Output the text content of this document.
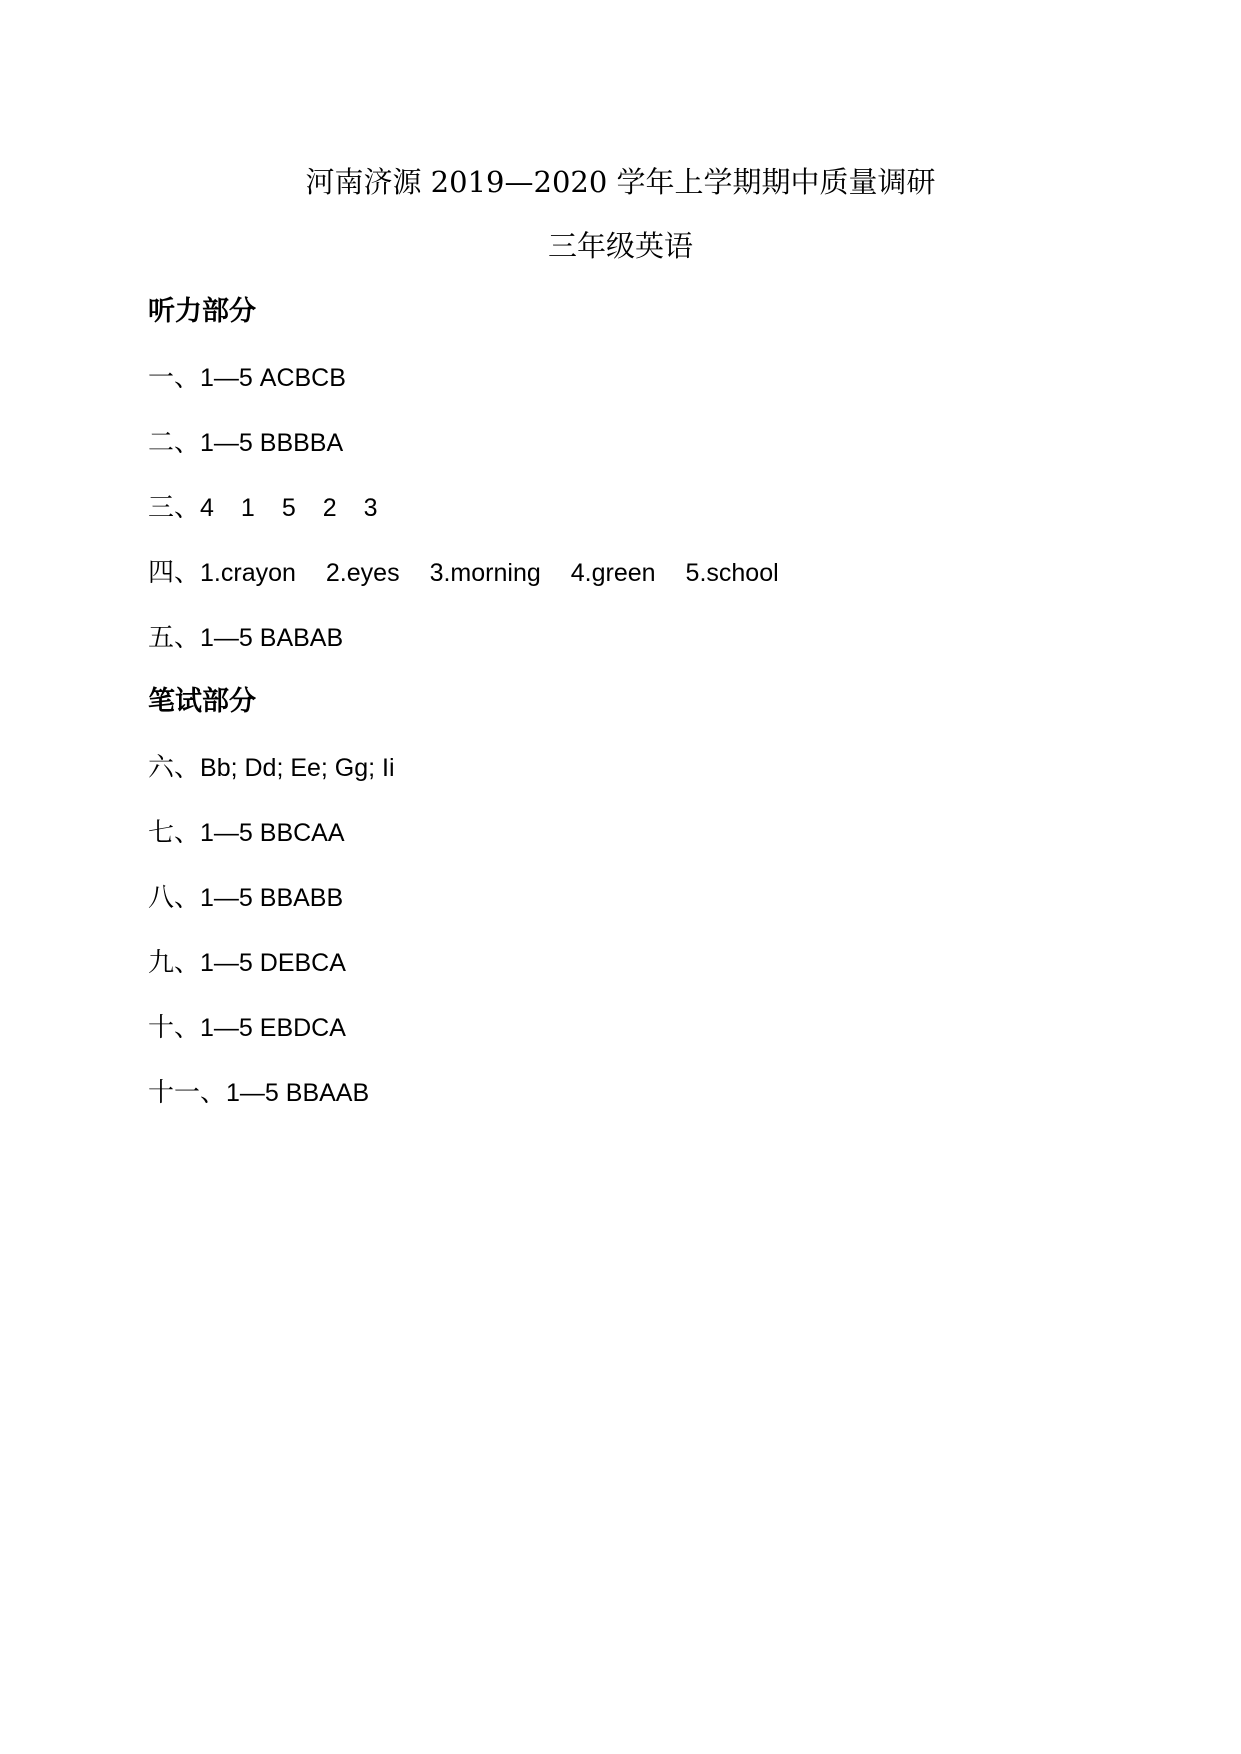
河南济源 2019—2020 学年上学期期中质量调研
三年级英语
听力部分
一、1—5 ACBCB
二、1—5 BBBBA
三、4 1 5 2 3
四、1.crayon 2.eyes 3.morning 4.green 5.school
五、1—5 BABAB
笔试部分
六、Bb; Dd; Ee; Gg; Ii
七、1—5 BBCAA
八、1—5 BBABB
九、1—5 DEBCA
十、1—5 EBDCA
十一、1—5 BBAAB
